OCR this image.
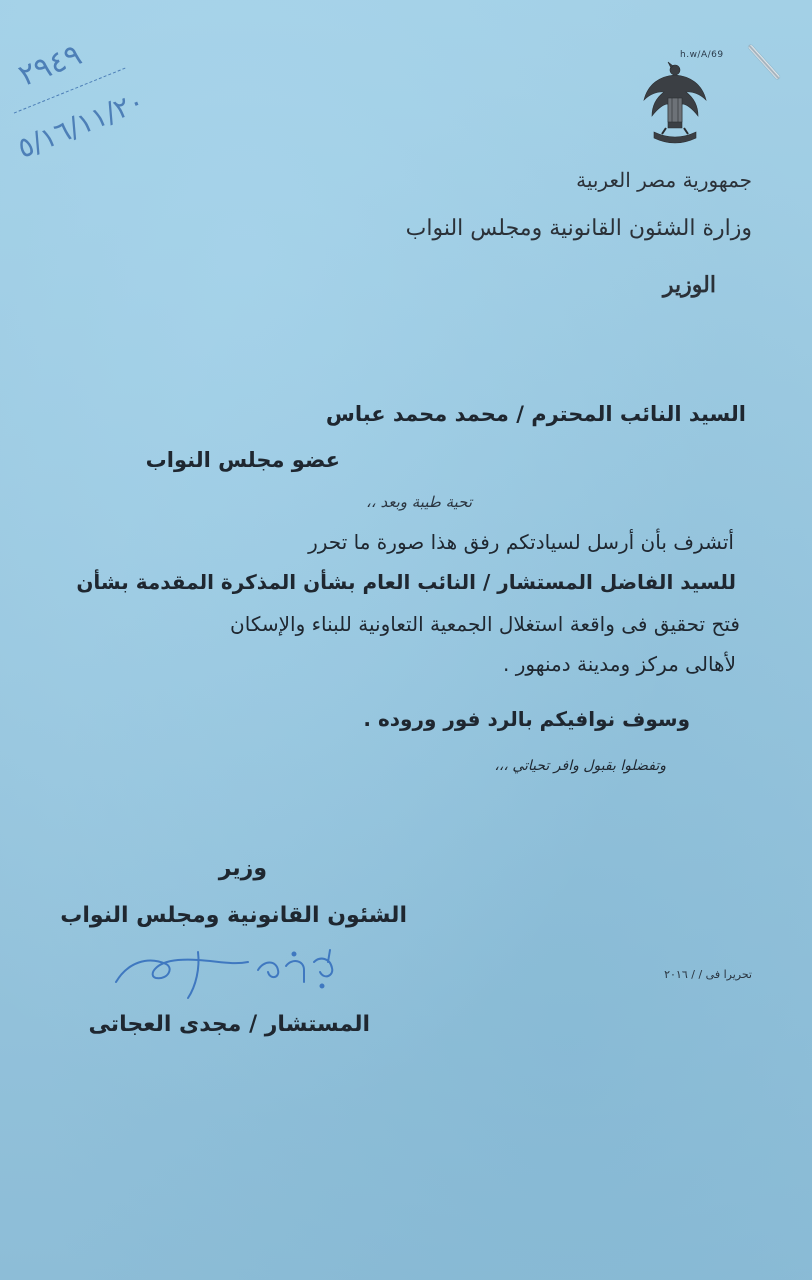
٢٩٤٩
٥/١٦/١١/٢٠
h.w/A/69
جمهورية مصر العربية
وزارة الشئون القانونية ومجلس النواب
الوزير
السيد النائب المحترم / محمد محمد عباس
عضو مجلس النواب
تحية طيبة وبعد ،،
أتشرف بأن أرسل لسيادتكم رفق هذا صورة ما تحرر
للسيد الفاضل المستشار / النائب العام بشأن المذكرة المقدمة بشأن
فتح تحقيق فى واقعة استغلال الجمعية التعاونية للبناء والإسكان
لأهالى مركز ومدينة دمنهور .
وسوف نوافيكم بالرد فور وروده .
وتفضلوا بقبول وافر تحياتي ،،،
وزير
الشئون القانونية ومجلس النواب
تحريرا فى / / ٢٠١٦
المستشار / مجدى العجاتى
